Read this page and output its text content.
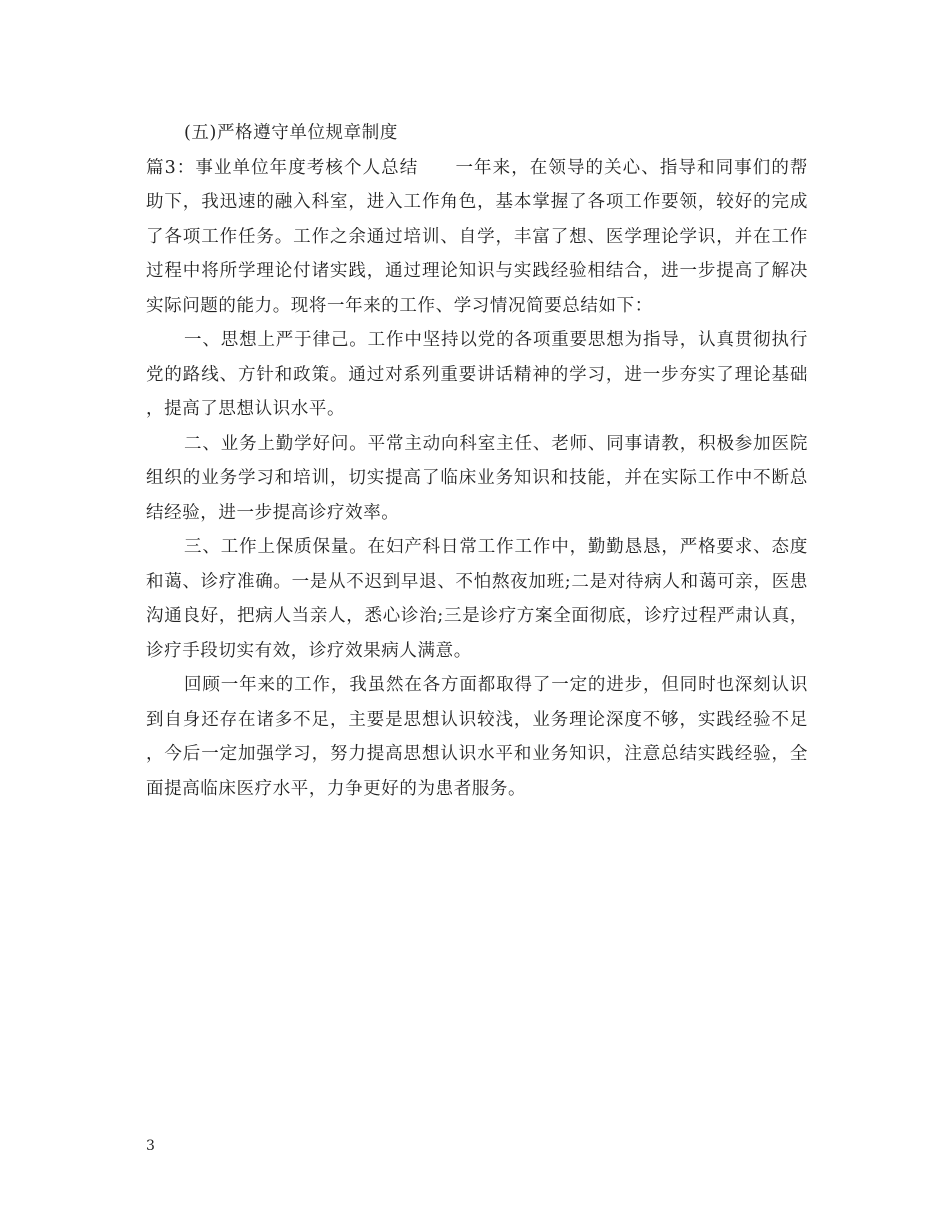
(五)严格遵守单位规章制度

篇3：事业单位年度考核个人总结　　一年来，在领导的关心、指导和同事们的帮助下，我迅速的融入科室，进入工作角色，基本掌握了各项工作要领，较好的完成了各项工作任务。工作之余通过培训、自学，丰富了想、医学理论学识，并在工作过程中将所学理论付诸实践，通过理论知识与实践经验相结合，进一步提高了解决实际问题的能力。现将一年来的工作、学习情况简要总结如下：

一、思想上严于律己。工作中坚持以党的各项重要思想为指导，认真贯彻执行党的路线、方针和政策。通过对系列重要讲话精神的学习，进一步夯实了理论基础，提高了思想认识水平。

二、业务上勤学好问。平常主动向科室主任、老师、同事请教，积极参加医院组织的业务学习和培训，切实提高了临床业务知识和技能，并在实际工作中不断总结经验，进一步提高诊疗效率。

三、工作上保质保量。在妇产科日常工作工作中，勤勤恳恳，严格要求、态度和蔼、诊疗准确。一是从不迟到早退、不怕熬夜加班;二是对待病人和蔼可亲，医患沟通良好，把病人当亲人，悉心诊治;三是诊疗方案全面彻底，诊疗过程严肃认真，诊疗手段切实有效，诊疗效果病人满意。

回顾一年来的工作，我虽然在各方面都取得了一定的进步，但同时也深刻认识到自身还存在诸多不足，主要是思想认识较浅，业务理论深度不够，实践经验不足，今后一定加强学习，努力提高思想认识水平和业务知识，注意总结实践经验，全面提高临床医疗水平，力争更好的为患者服务。

3
